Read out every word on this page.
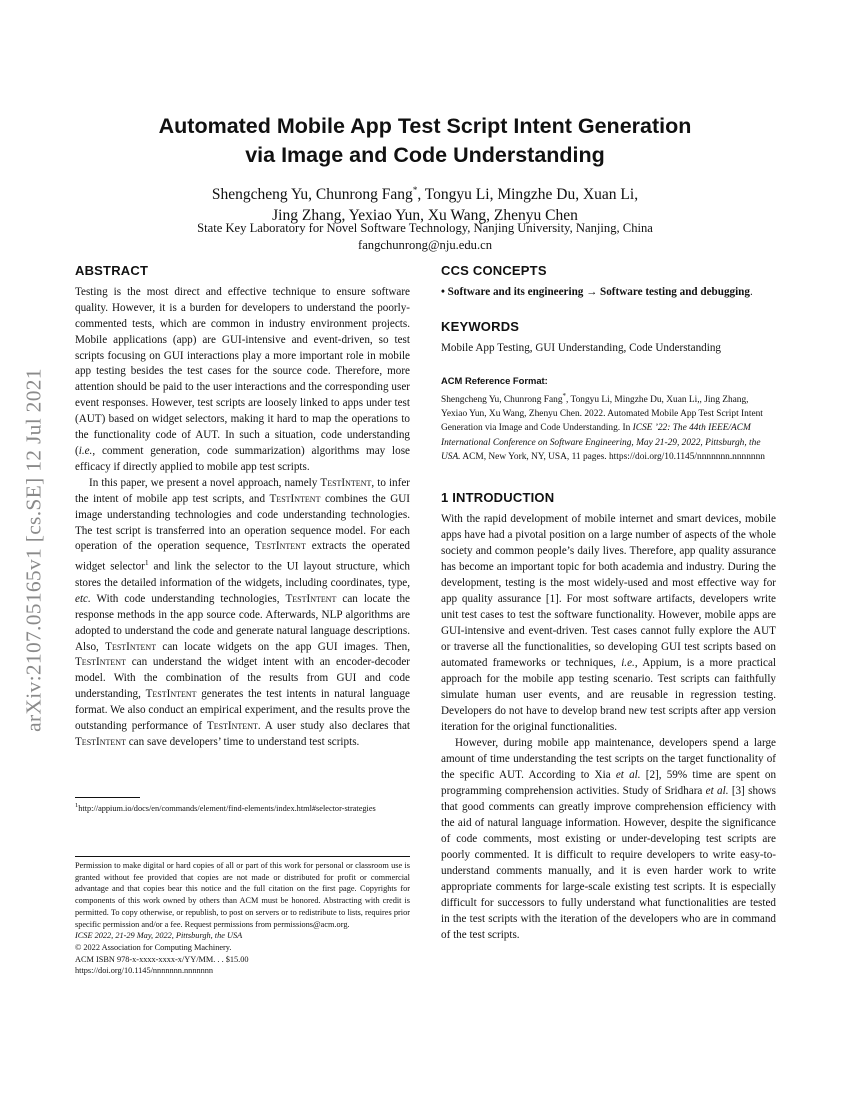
arXiv:2107.05165v1 [cs.SE] 12 Jul 2021
Automated Mobile App Test Script Intent Generation
via Image and Code Understanding
Shengcheng Yu, Chunrong Fang*, Tongyu Li, Mingzhe Du, Xuan Li,
Jing Zhang, Yexiao Yun, Xu Wang, Zhenyu Chen
State Key Laboratory for Novel Software Technology, Nanjing University, Nanjing, China
fangchunrong@nju.edu.cn
ABSTRACT

Testing is the most direct and effective technique to ensure software quality. However, it is a burden for developers to understand the poorly-commented tests, which are common in industry environment projects. Mobile applications (app) are GUI-intensive and event-driven, so test scripts focusing on GUI interactions play a more important role in mobile app testing besides the test cases for the source code. Therefore, more attention should be paid to the user interactions and the corresponding user event responses. However, test scripts are loosely linked to apps under test (AUT) based on widget selectors, making it hard to map the operations to the functionality code of AUT. In such a situation, code understanding (i.e., comment generation, code summarization) algorithms may lose efficacy if directly applied to mobile app test scripts.

In this paper, we present a novel approach, namely TestIntent, to infer the intent of mobile app test scripts, and TestIntent combines the GUI image understanding technologies and code understanding technologies. The test script is transferred into an operation sequence model. For each operation of the operation sequence, TestIntent extracts the operated widget selector$^1$ and link the selector to the UI layout structure, which stores the detailed information of the widgets, including coordinates, type, etc. With code understanding technologies, TestIntent can locate the response methods in the app source code. Afterwards, NLP algorithms are adopted to understand the code and generate natural language descriptions. Also, TestIntent can locate widgets on the app GUI images. Then, TestIntent can understand the widget intent with an encoder-decoder model. With the combination of the results from GUI and code understanding, TestIntent generates the test intents in natural language format. We also conduct an empirical experiment, and the results prove the outstanding performance of TestIntent. A user study also declares that TestIntent can save developers’ time to understand test scripts.

$^1$http://appium.io/docs/en/commands/element/find-elements/index.html#selector-strategies

Permission to make digital or hard copies of all or part of this work for personal or classroom use is granted without fee provided that copies are not made or distributed for profit or commercial advantage and that copies bear this notice and the full citation on the first page. Copyrights for components of this work owned by others than ACM must be honored. Abstracting with credit is permitted. To copy otherwise, or republish, to post on servers or to redistribute to lists, requires prior specific permission and/or a fee. Request permissions from permissions@acm.org.

ICSE 2022, 21-29 May, 2022, Pittsburgh, the USA

© 2022 Association for Computing Machinery.

ACM ISBN 978-x-xxxx-xxxx-x/YY/MM. . . $15.00

https://doi.org/10.1145/nnnnnnn.nnnnnnn

CCS CONCEPTS

• Software and its engineering → Software testing and debugging.

KEYWORDS

Mobile App Testing, GUI Understanding, Code Understanding

ACM Reference Format:
Shengcheng Yu, Chunrong Fang*, Tongyu Li, Mingzhe Du, Xuan Li,, Jing Zhang, Yexiao Yun, Xu Wang, Zhenyu Chen. 2022. Automated Mobile App Test Script Intent Generation via Image and Code Understanding. In ICSE ’22: The 44th IEEE/ACM International Conference on Software Engineering, May 21-29, 2022, Pittsburgh, the USA. ACM, New York, NY, USA, 11 pages. https://doi.org/10.1145/nnnnnnn.nnnnnnn
1 INTRODUCTION

With the rapid development of mobile internet and smart devices, mobile apps have had a pivotal position on a large number of aspects of the whole society and common people’s daily lives. Therefore, app quality assurance has become an important topic for both academia and industry. During the development, testing is the most widely-used and most effective way for app quality assurance [1]. For most software artifacts, developers write unit test cases to test the software functionality. However, mobile apps are GUI-intensive and event-driven. Test cases cannot fully explore the AUT or traverse all the functionalities, so developing GUI test scripts based on automated frameworks or techniques, i.e., Appium, is a more practical approach for the mobile app testing scenario. Test scripts can faithfully simulate human user events, and are reusable in regression testing. Developers do not have to develop brand new test scripts after app version iteration for the original functionalities.

However, during mobile app maintenance, developers spend a large amount of time understanding the test scripts on the target functionality of the specific AUT. According to Xia et al. [2], 59% time are spent on programming comprehension activities. Study of Sridhara et al. [3] shows that good comments can greatly improve comprehension efficiency with the aid of natural language information. However, despite the significance of code comments, most existing or under-developing test scripts are poorly commented. It is difficult to require developers to write easy-to-understand comments manually, and it is even harder work to write appropriate comments for large-scale existing test scripts. It is especially difficult for successors to fully understand what functionalities are tested in the test scripts with the iteration of the developers who are in command of the test scripts.
